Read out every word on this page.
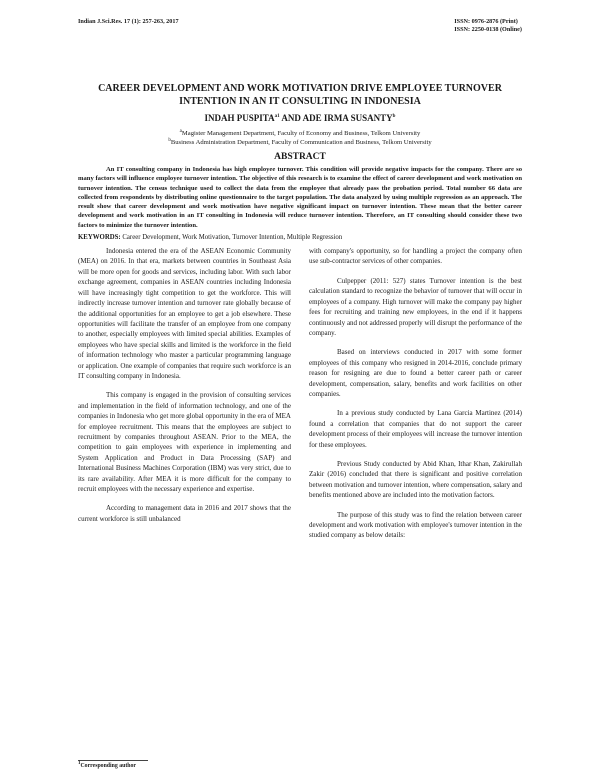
Indian J.Sci.Res. 17 (1): 257-263, 2017	ISSN: 0976-2876 (Print)
ISSN: 2250-0138 (Online)
CAREER DEVELOPMENT AND WORK MOTIVATION DRIVE EMPLOYEE TURNOVER
INTENTION IN AN IT CONSULTING IN INDONESIA
INDAH $PUSPITA^{a1}$ AND ADE IRMA SUSANTY$^b$
$^a$Magister Management Department, Faculty of Economy and Business, Telkom University
$^b$Business Administration Department, Faculty of Communication and Business, Telkom University
ABSTRACT

An IT consulting company in Indonesia has high employee turnover. This condition will provide negative impacts for the company. There are so many factors will influence employee turnover intention. The objective of this research is to examine the effect of career development and work motivation on turnover intention. The census technique used to collect the data from the employee that already pass the probation period. Total number 66 data are collected from respondents by distributing online questionnaire to the target population. The data analyzed by using multiple regression as an approach. The result show that career development and work motivation have negative significant impact on turnover intention. These mean that the better career development and work motivation in an IT consulting in Indonesia will reduce turnover intention. Therefore, an IT consulting should consider these two factors to minimize the turnover intention.

KEYWORDS: Career Development, Work Motivation, Turnover Intention, Multiple Regression

Indonesia entered the era of the ASEAN Economic Community (MEA) on 2016. In that era, markets between countries in Southeast Asia will be more open for goods and services, including labor. With such labor exchange agreement, companies in ASEAN countries including Indonesia will have increasingly tight competition to get the workforce. This will indirectly increase turnover intention and turnover rate globally because of the additional opportunities for an employee to get a job elsewhere. These opportunities will facilitate the transfer of an employee from one company to another, especially employees with limited special abilities. Examples of employees who have special skills and limited is the workforce in the field of information technology who master a particular programming language or application. One example of companies that require such workforce is an IT consulting company in Indonesia.

This company is engaged in the provision of consulting services and implementation in the field of information technology, and one of the companies in Indonesia who get more global opportunity in the era of MEA for employee recruitment. This means that the employees are subject to recruitment by companies throughout ASEAN. Prior to the MEA, the competition to gain employees with experience in implementing and System Application and Product in Data Processing (SAP) and International Business Machines Corporation (IBM) was very strict, due to its rare availability. After MEA it is more difficult for the company to recruit employees with the necessary experience and expertise.

According to management data in 2016 and 2017 shows that the current workforce is still unbalanced

with company's opportunity, so for handling a project the company often use sub-contractor services of other companies.

Culpepper (2011: 527) states Turnover intention is the best calculation standard to recognize the behavior of turnover that will occur in employees of a company. High turnover will make the company pay higher fees for recruiting and training new employees, in the end if it happens continuously and not addressed properly will disrupt the performance of the company.

Based on interviews conducted in 2017 with some former employees of this company who resigned in 2014-2016, conclude primary reason for resigning are due to found a better career path or career development, compensation, salary, benefits and work facilities on other companies.

In a previous study conducted by Lana Garcia Martinez (2014) found a correlation that companies that do not support the career development process of their employees will increase the turnover intention for these employees.

Previous Study conducted by Abid Khan, Ithar Khan, Zakirullah Zakir (2016) concluded that there is significant and positive correlation between motivation and turnover intention, where compensation, salary and benefits mentioned above are included into the motivation factors.

The purpose of this study was to find the relation between career development and work motivation with employee's turnover intention in the studied company as below details:

$^1$Corresponding author
